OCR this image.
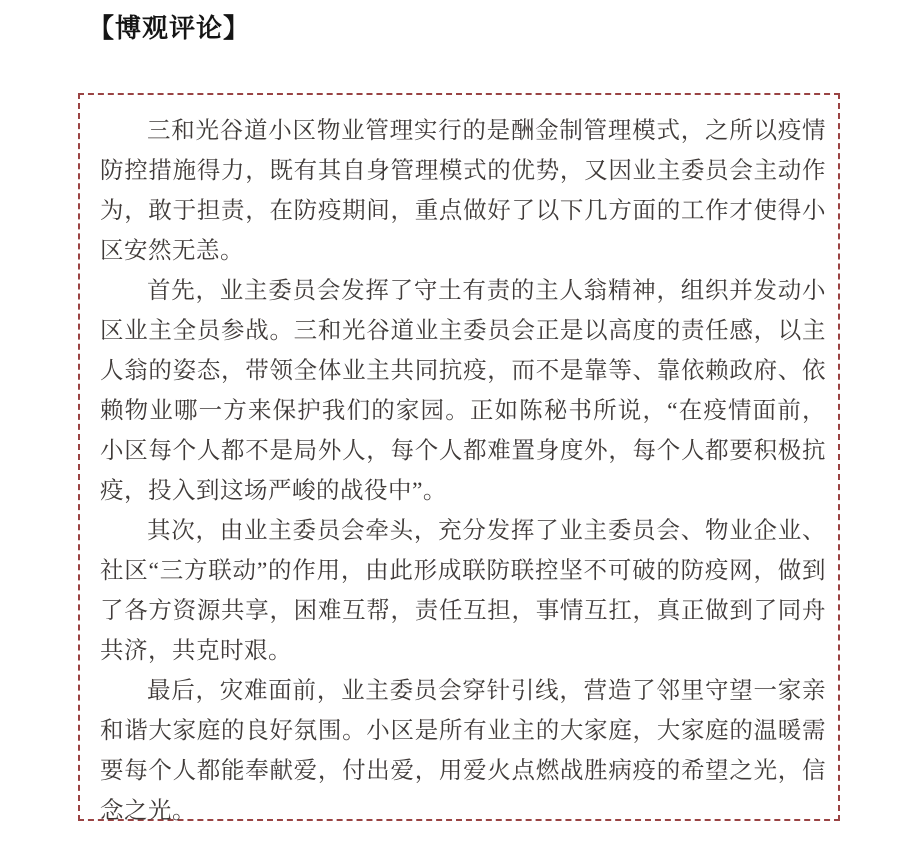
【博观评论】

三和光谷道小区物业管理实行的是酬金制管理模式，之所以疫情防控措施得力，既有其自身管理模式的优势，又因业主委员会主动作为，敢于担责，在防疫期间，重点做好了以下几方面的工作才使得小区安然无恙。

首先，业主委员会发挥了守土有责的主人翁精神，组织并发动小区业主全员参战。三和光谷道业主委员会正是以高度的责任感，以主人翁的姿态，带领全体业主共同抗疫，而不是靠等、靠依赖政府、依赖物业哪一方来保护我们的家园。正如陈秘书所说，“在疫情面前，小区每个人都不是局外人，每个人都难置身度外，每个人都要积极抗疫，投入到这场严峻的战役中”。

其次，由业主委员会牵头，充分发挥了业主委员会、物业企业、社区“三方联动”的作用，由此形成联防联控坚不可破的防疫网，做到了各方资源共享，困难互帮，责任互担，事情互扛，真正做到了同舟共济，共克时艰。

最后，灾难面前，业主委员会穿针引线，营造了邻里守望一家亲和谐大家庭的良好氛围。小区是所有业主的大家庭，大家庭的温暖需要每个人都能奉献爱，付出爱，用爱火点燃战胜病疫的希望之光，信念之光。
